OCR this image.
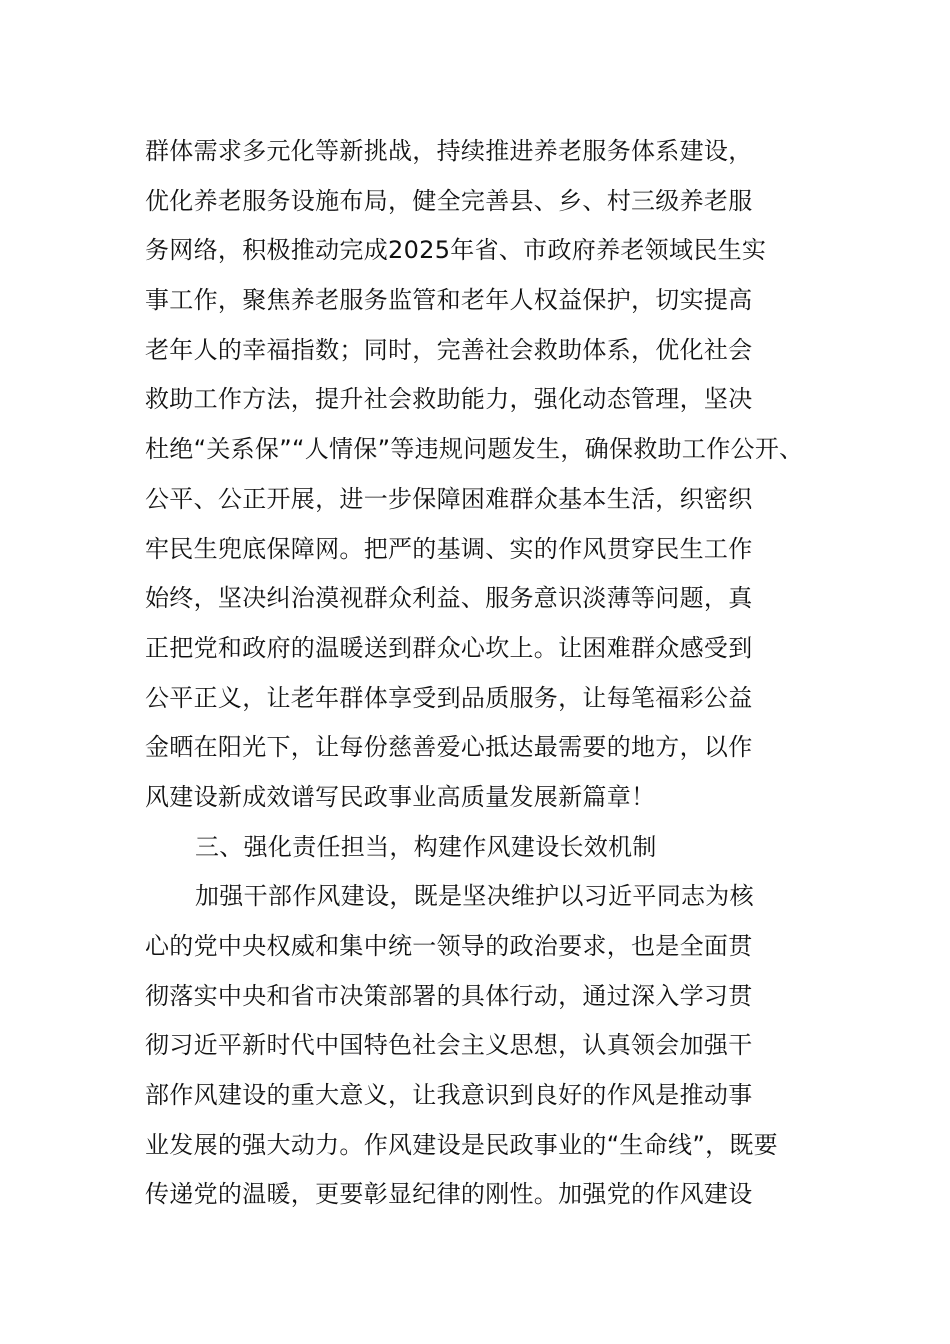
群体需求多元化等新挑战，持续推进养老服务体系建设，
优化养老服务设施布局，健全完善县、乡、村三级养老服
务网络，积极推动完成2025年省、市政府养老领域民生实
事工作，聚焦养老服务监管和老年人权益保护，切实提高
老年人的幸福指数；同时，完善社会救助体系，优化社会
救助工作方法，提升社会救助能力，强化动态管理，坚决
杜绝“关系保”“人情保”等违规问题发生，确保救助工作公开、
公平、公正开展，进一步保障困难群众基本生活，织密织
牢民生兜底保障网。把严的基调、实的作风贯穿民生工作
始终，坚决纠治漠视群众利益、服务意识淡薄等问题，真
正把党和政府的温暖送到群众心坎上。让困难群众感受到
公平正义，让老年群体享受到品质服务，让每笔福彩公益
金晒在阳光下，让每份慈善爱心抵达最需要的地方，以作
风建设新成效谱写民政事业高质量发展新篇章！
三、强化责任担当，构建作风建设长效机制
加强干部作风建设，既是坚决维护以习近平同志为核
心的党中央权威和集中统一领导的政治要求，也是全面贯
彻落实中央和省市决策部署的具体行动，通过深入学习贯
彻习近平新时代中国特色社会主义思想，认真领会加强干
部作风建设的重大意义，让我意识到良好的作风是推动事
业发展的强大动力。作风建设是民政事业的“生命线”，既要
传递党的温暖，更要彰显纪律的刚性。加强党的作风建设
